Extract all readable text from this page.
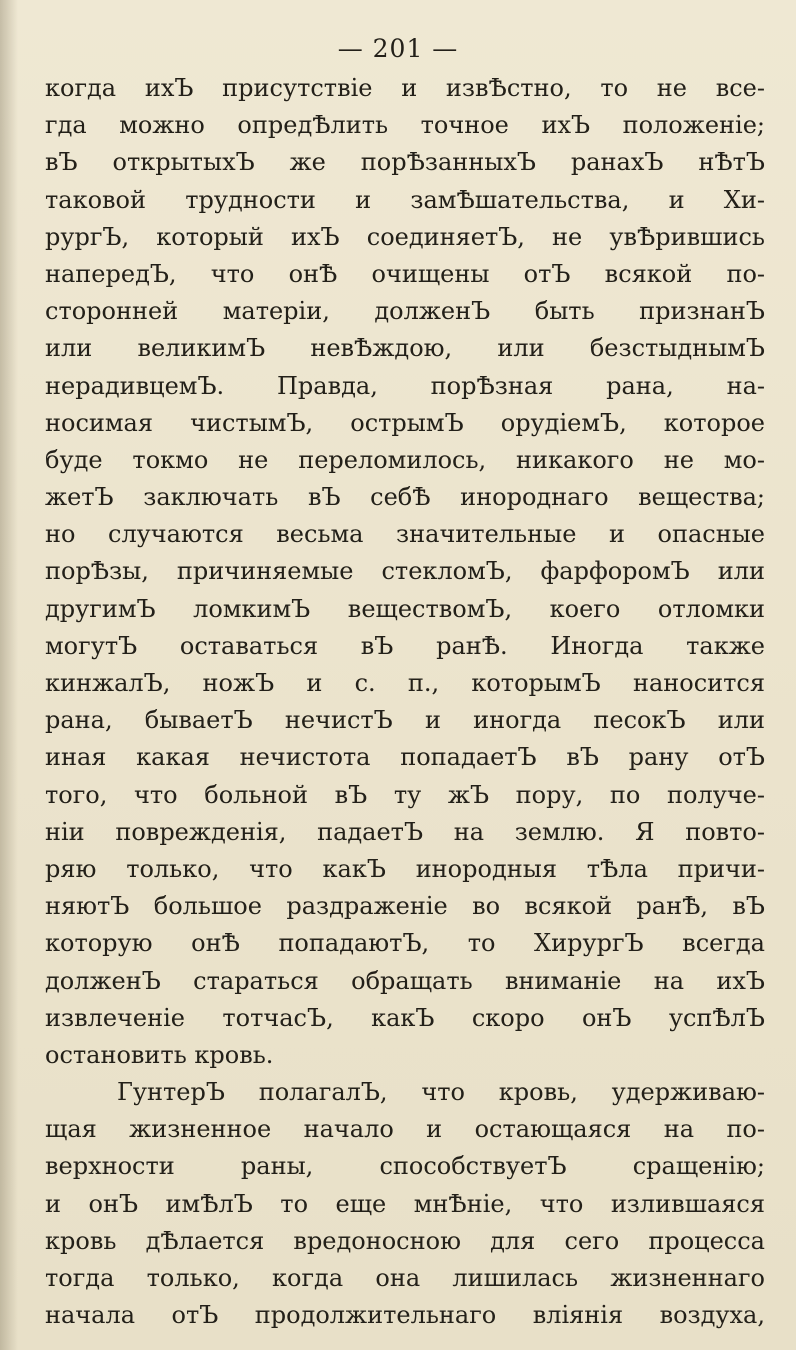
— 201 —
когда ихЪ присутствіе и извѢстно, то не все-
гда можно опредѢлить точное ихЪ положеніе;
вЪ открытыхЪ же порѢзанныхЪ ранахЪ нѢтЪ
таковой трудности и замѢшательства, и Хи-
рургЪ, который ихЪ соединяетЪ, не увѢрившись
напередЪ, что онѢ очищены отЪ всякой по-
сторонней матеріи, долженЪ быть признанЪ
или великимЪ невѢждою, или безстыднымЪ
нерадивцемЪ. Правда, порѢзная рана, на-
носимая чистымЪ, острымЪ орудіемЪ, которое
буде токмо не переломилось, никакого не мо-
жетЪ заключать вЪ себѢ инороднаго вещества;
но случаются весьма значительные и опасные
порѢзы, причиняемые стекломЪ, фарфоромЪ или
другимЪ ломкимЪ веществомЪ, коего отломки
могутЪ оставаться вЪ ранѢ. Иногда также
кинжалЪ, ножЪ и с. п., которымЪ наносится
рана, бываетЪ нечистЪ и иногда песокЪ или
иная какая нечистота попадаетЪ вЪ рану отЪ
того, что больной вЪ ту жЪ пору, по получе-
ніи поврежденія, падаетЪ на землю. Я повто-
ряю только, что какЪ инородныя тѢла причи-
няютЪ большое раздраженіе во всякой ранѢ, вЪ
которую онѢ попадаютЪ, то ХирургЪ всегда
долженЪ стараться обращать вниманіе на ихЪ
извлеченіе тотчасЪ, какЪ скоро онЪ успѢлЪ
остановить кровь.
ГунтерЪ полагалЪ, что кровь, удерживаю-
щая жизненное начало и остающаяся на по-
верхности раны, способствуетЪ сращенію;
и онЪ имѢлЪ то еще мнѢніе, что излившаяся
кровь дѢлается вредоносною для сего процесса
тогда только, когда она лишилась жизненнаго
начала отЪ продолжительнаго вліянія воздуха,
